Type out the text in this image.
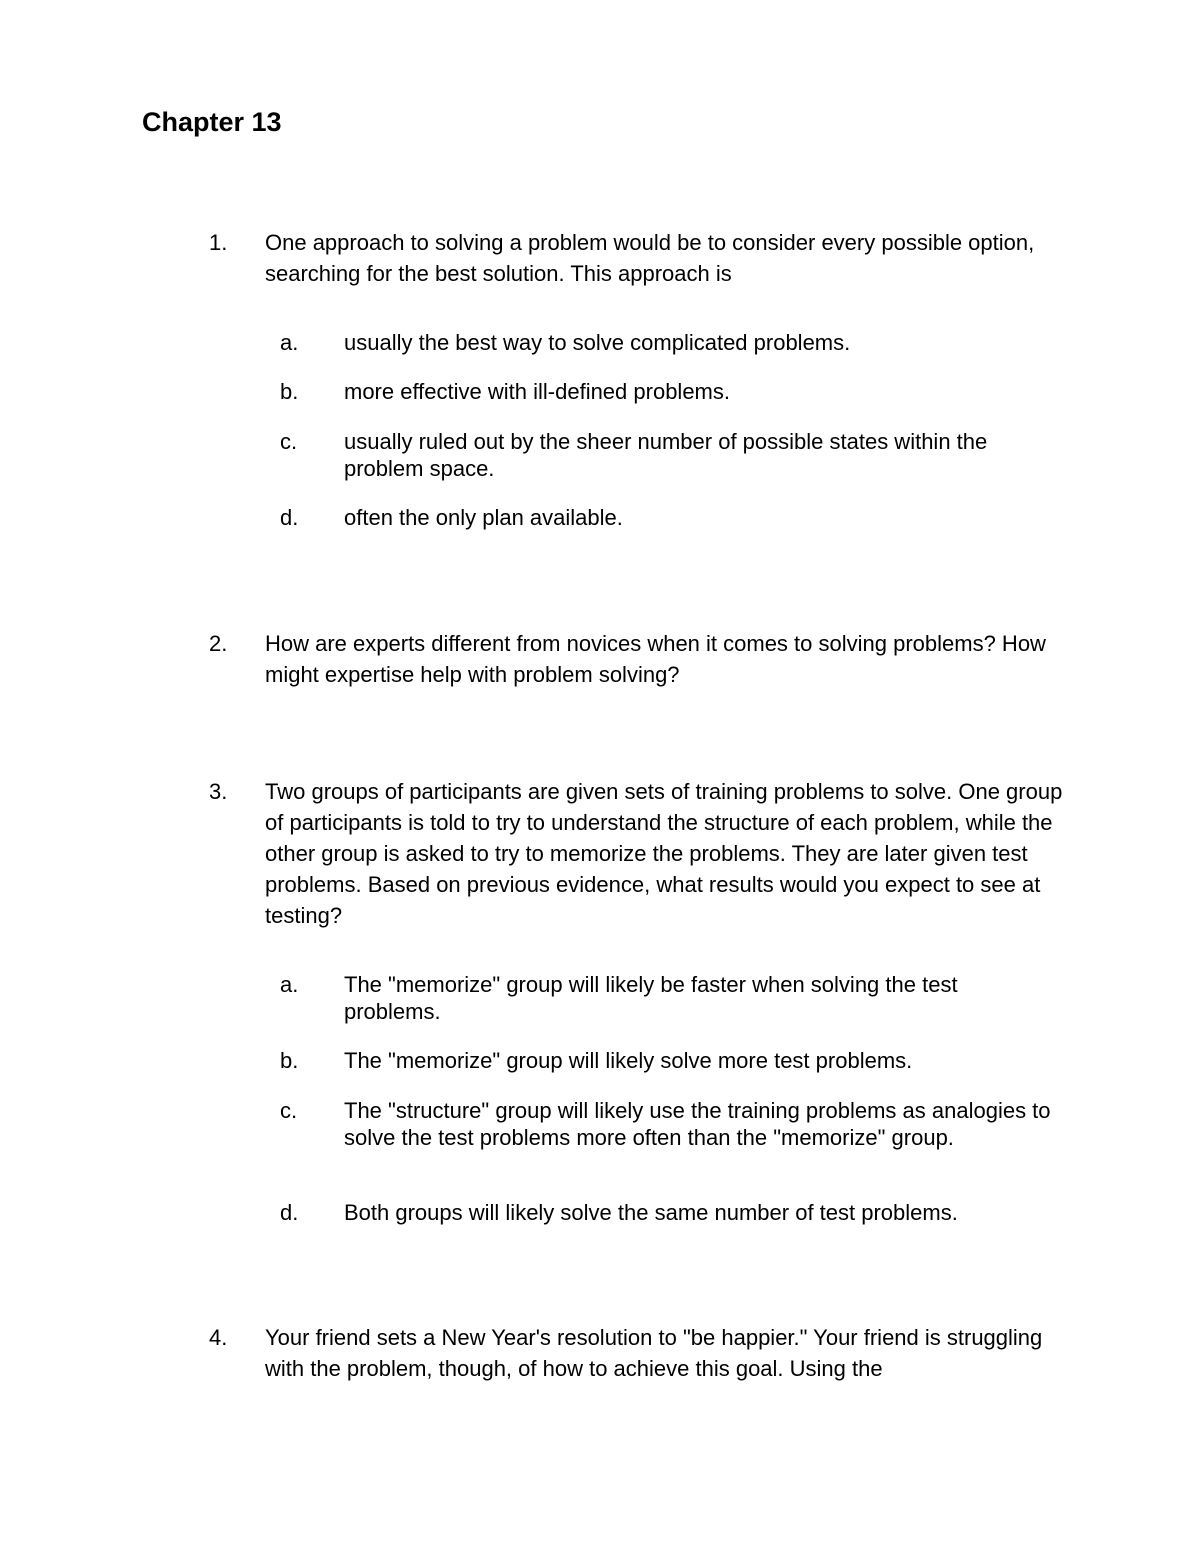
Chapter 13
1. One approach to solving a problem would be to consider every possible option, searching for the best solution. This approach is
a. usually the best way to solve complicated problems.
b. more effective with ill-defined problems.
c. usually ruled out by the sheer number of possible states within the problem space.
d. often the only plan available.
2. How are experts different from novices when it comes to solving problems? How might expertise help with problem solving?
3. Two groups of participants are given sets of training problems to solve. One group of participants is told to try to understand the structure of each problem, while the other group is asked to try to memorize the problems. They are later given test problems. Based on previous evidence, what results would you expect to see at testing?
a. The "memorize" group will likely be faster when solving the test problems.
b. The "memorize" group will likely solve more test problems.
c. The "structure" group will likely use the training problems as analogies to solve the test problems more often than the "memorize" group.
d. Both groups will likely solve the same number of test problems.
4. Your friend sets a New Year's resolution to "be happier." Your friend is struggling with the problem, though, of how to achieve this goal. Using the
